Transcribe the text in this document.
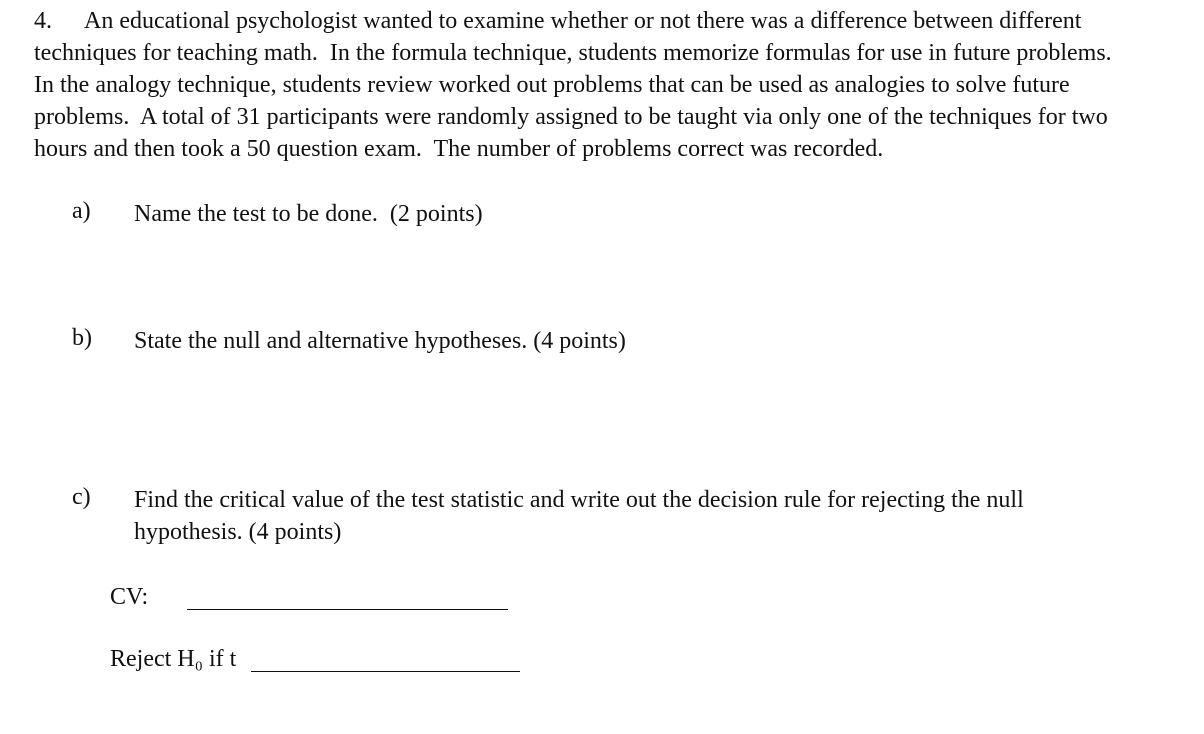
4. An educational psychologist wanted to examine whether or not there was a difference between different
techniques for teaching math.  In the formula technique, students memorize formulas for use in future problems.
In the analogy technique, students review worked out problems that can be used as analogies to solve future
problems.  A total of 31 participants were randomly assigned to be taught via only one of the techniques for two
hours and then took a 50 question exam.  The number of problems correct was recorded.
a) Name the test to be done.  (2 points)
b) State the null and alternative hypotheses. (4 points)
c) Find the critical value of the test statistic and write out the decision rule for rejecting the null
hypothesis. (4 points)
CV:
Reject H₀ if t
